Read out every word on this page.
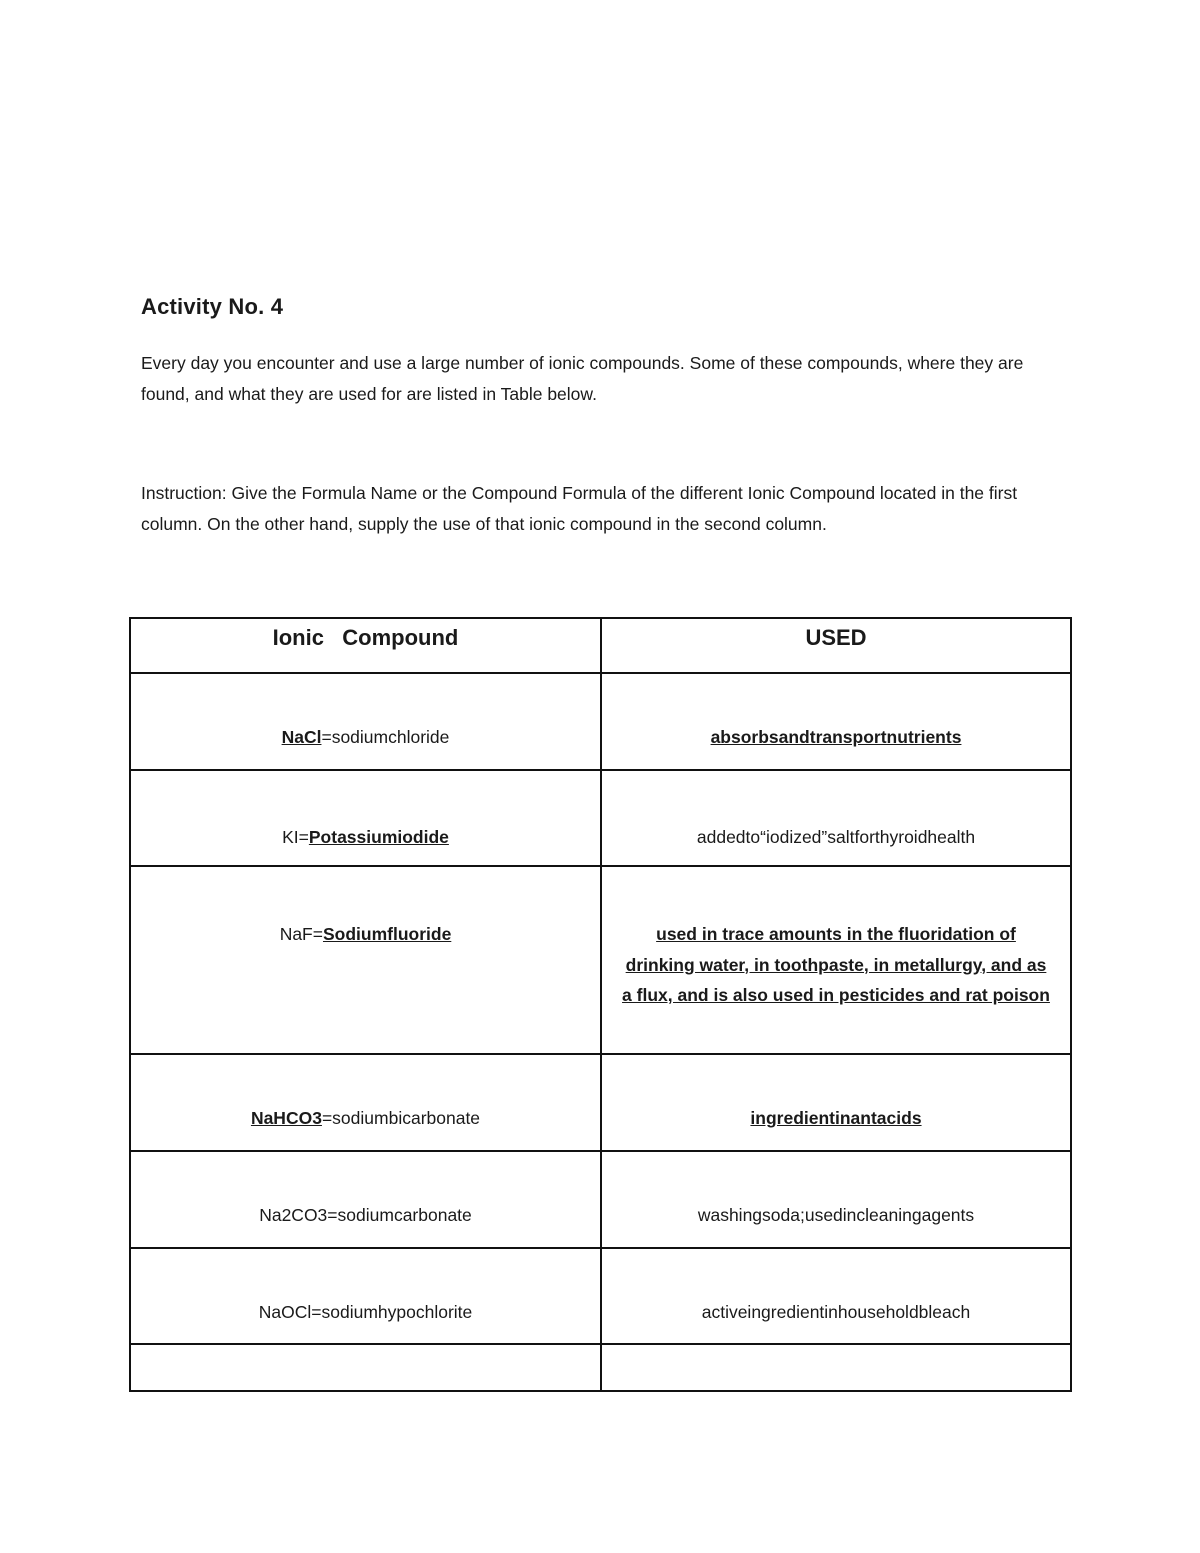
Activity No. 4
Every day you encounter and use a large number of ionic compounds. Some of these compounds, where they are found, and what they are used for are listed in Table below.
Instruction: Give the Formula Name or the Compound Formula of the different Ionic Compound located in the first column. On the other hand, supply the use of that ionic compound in the second column.
Ionic   Compound	USED
NaCl=sodiumchloride	absorbsandtransportnutrients
KI=Potassiumiodide	addedto“iodized”saltforthyroidhealth
NaF=Sodiumfluoride	used in trace amounts in the fluoridation of drinking water, in toothpaste, in metallurgy, and as a flux, and is also used in pesticides and rat poison
NaHCO3=sodiumbicarbonate	ingredientinantacids
Na2CO3=sodiumcarbonate	washingsoda;usedincleaningagents
NaOCl=sodiumhypochlorite	activeingredientinhouseholdbleach
